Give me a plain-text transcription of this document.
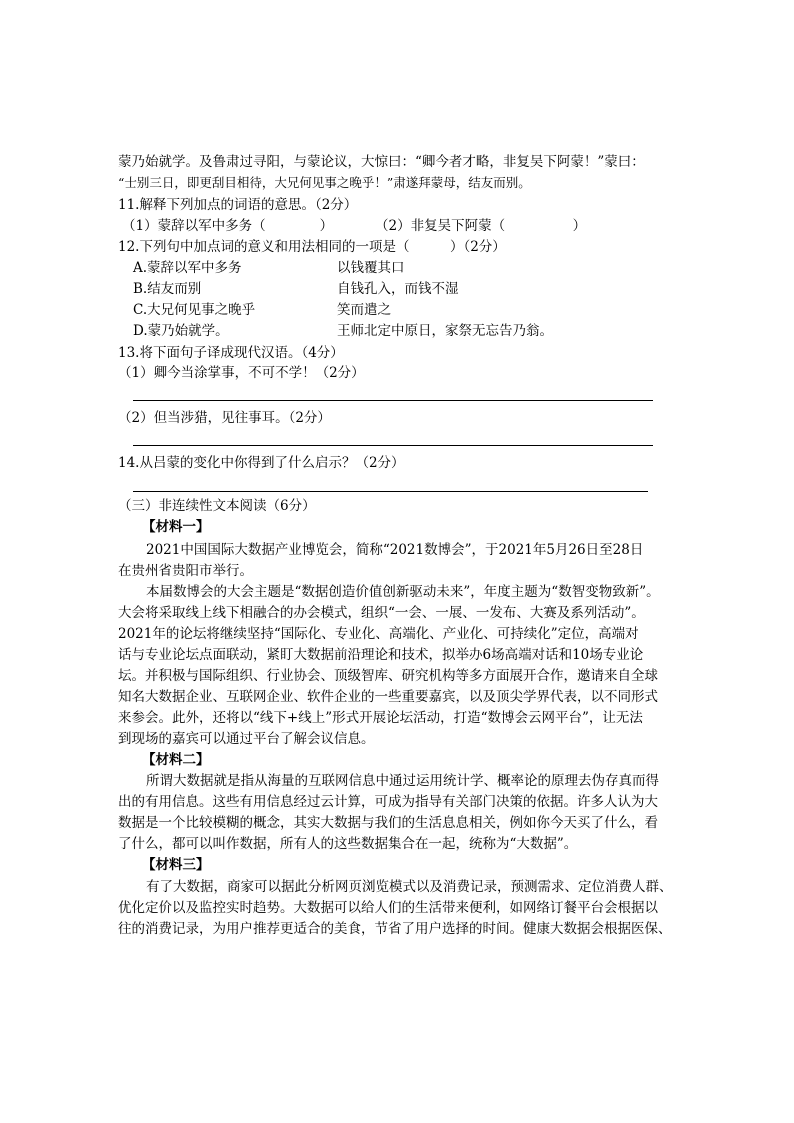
蒙乃始就学。及鲁肃过寻阳，与蒙论议，大惊曰：“卿今者才略，非复吴下阿蒙！”蒙曰：
“士别三日，即更刮目相待，大兄何见事之晚乎！”肃遂拜蒙母，结友而别。
11.解释下列加点的词语的意思。（2分）
（1）蒙辞以军中多务（　　　　）	（2）非复吴下阿蒙（　　　　　）
12.下列句中加点词的意义和用法相同的一项是（　　　）（2分）
A.蒙辞以军中多务	以钱覆其口
B.结友而别	自钱孔入，而钱不湿
C.大兄何见事之晚乎	笑而遣之
D.蒙乃始就学。	王师北定中原日，家祭无忘告乃翁。
13.将下面句子译成现代汉语。（4分）
（1）卿今当涂掌事，不可不学！（2分）
（2）但当涉猎，见往事耳。（2分）
14.从吕蒙的变化中你得到了什么启示？（2分）
（三）非连续性文本阅读（6分）
【材料一】
2021中国国际大数据产业博览会，简称“2021数博会”，于2021年5月26日至28日
在贵州省贵阳市举行。
本届数博会的大会主题是“数据创造价值创新驱动未来”，年度主题为“数智变物致新”。
大会将采取线上线下相融合的办会模式，组织“一会、一展、一发布、大赛及系列活动”。
2021年的论坛将继续坚持“国际化、专业化、高端化、产业化、可持续化”定位，高端对
话与专业论坛点面联动，紧盯大数据前沿理论和技术，拟举办6场高端对话和10场专业论
坛。并积极与国际组织、行业协会、顶级智库、研究机构等多方面展开合作，邀请来自全球
知名大数据企业、互联网企业、软件企业的一些重要嘉宾，以及顶尖学界代表，以不同形式
来参会。此外，还将以“线下+线上”形式开展论坛活动，打造“数博会云网平台”，让无法
到现场的嘉宾可以通过平台了解会议信息。
【材料二】
所谓大数据就是指从海量的互联网信息中通过运用统计学、概率论的原理去伪存真而得
出的有用信息。这些有用信息经过云计算，可成为指导有关部门决策的依据。许多人认为大
数据是一个比较模糊的概念，其实大数据与我们的生活息息相关，例如你今天买了什么，看
了什么，都可以叫作数据，所有人的这些数据集合在一起，统称为“大数据”。
【材料三】
有了大数据，商家可以据此分析网页浏览模式以及消费记录，预测需求、定位消费人群、
优化定价以及监控实时趋势。大数据可以给人们的生活带来便利，如网络订餐平台会根据以
往的消费记录，为用户推荐更适合的美食，节省了用户选择的时间。健康大数据会根据医保、
